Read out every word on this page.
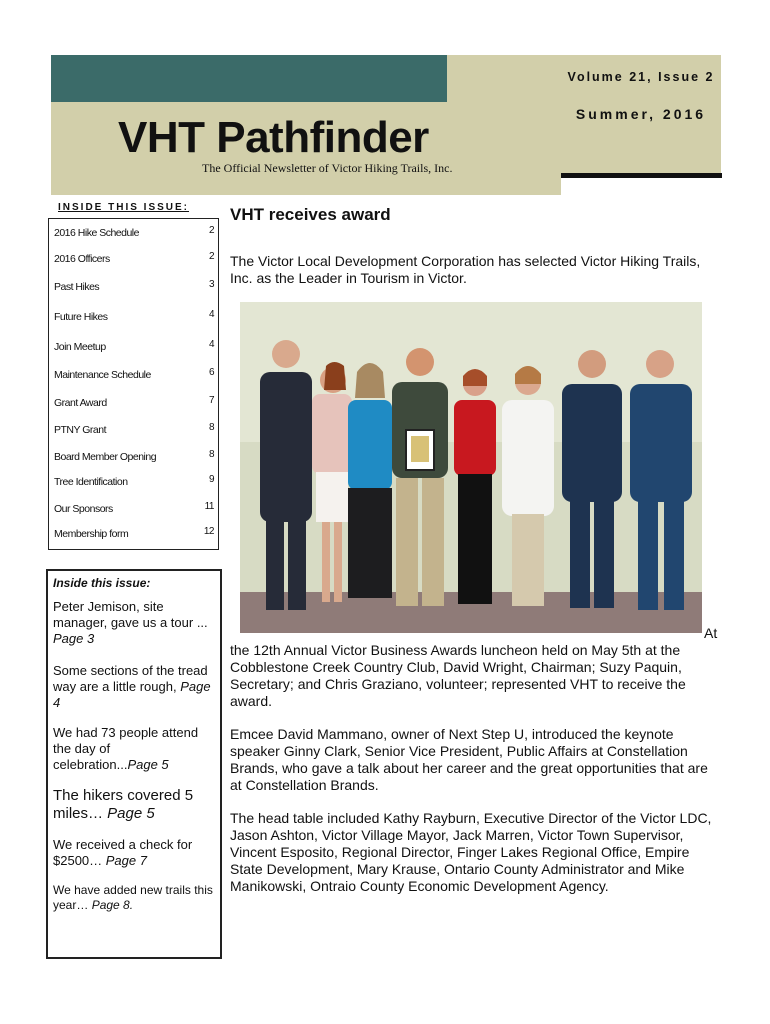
Volume 21, Issue 2
Summer, 2016
VHT Pathfinder
The Official Newsletter of Victor Hiking Trails, Inc.
INSIDE THIS ISSUE:
2016 Hike Schedule	2
2016 Officers	2
Past Hikes	3
Future Hikes	4
Join Meetup	4
Maintenance Schedule	6
Grant Award	7
PTNY Grant	8
Board Member Opening	8
Tree Identification	9
Our Sponsors	11
Membership form	12
Inside this issue:
Peter Jemison, site manager, gave us a tour ... Page 3
Some sections of the tread way are a little rough, Page 4
We had 73 people attend the day of celebration...Page 5
The hikers covered 5 miles… Page 5
We received a check for $2500… Page 7
We have added new trails this year… Page 8.
VHT receives award

The Victor Local Development Corporation has selected Victor Hiking Trails, Inc. as the Leader in Tourism in Victor.

At

the 12th Annual Victor Business Awards luncheon held on May 5th at the Cobblestone Creek Country Club, David Wright, Chairman; Suzy Paquin, Secretary; and Chris Graziano, volunteer; represented VHT to receive the award.

Emcee David Mammano, owner of Next Step U, introduced the keynote speaker Ginny Clark, Senior Vice President, Public Affairs at Constellation Brands, who gave a talk about her career and the great opportunities that are at Constellation Brands.

The head table included Kathy Rayburn, Executive Director of the Victor LDC, Jason Ashton, Victor Village Mayor, Jack Marren, Victor Town Supervisor, Vincent Esposito, Regional Director, Finger Lakes Regional Office, Empire State Development, Mary Krause, Ontario County Administrator and Mike Manikowski, Ontraio County Economic Development Agency.
